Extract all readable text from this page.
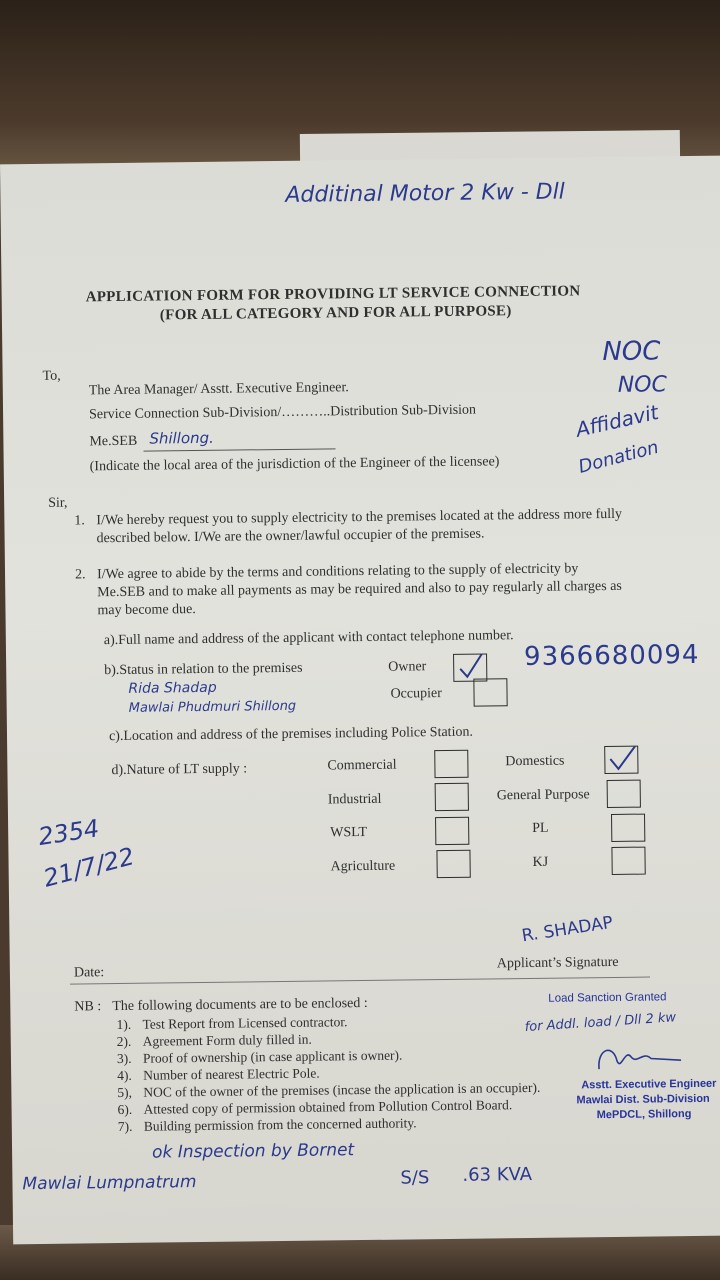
Additinal Motor 2 Kw - Dll
APPLICATION FORM FOR PROVIDING LT SERVICE CONNECTION
(FOR ALL CATEGORY AND FOR ALL PURPOSE)
To,
The Area Manager/ Asstt. Executive Engineer.
Service Connection Sub-Division/………..Distribution Sub-Division
Me.SEB Shillong.
(Indicate the local area of the jurisdiction of the Engineer of the licensee)
NOC
NOC
Affidavit
Donation
Sir,
1. I/We hereby request you to supply electricity to the premises located at the address more fully
described below. I/We are the owner/lawful occupier of the premises.
2. I/We agree to abide by the terms and conditions relating to the supply of electricity by
Me.SEB and to make all payments as may be required and also to pay regularly all charges as
may become due.
a).Full name and address of the applicant with contact telephone number.
9366680094
b).Status in relation to the premises	Owner
Rida Shadap	Occupier
Mawlai Phudmuri Shillong
c).Location and address of the premises including Police Station.
d).Nature of LT supply :	Commercial	Domestics
Industrial	General Purpose
WSLT	PL
Agriculture	KJ
2354
21/7/22
R. SHADAP
Date:
Applicant’s Signature
NB : The following documents are to be enclosed :	Load Sanction Granted
1). Test Report from Licensed contractor.
2). Agreement Form duly filled in.
3). Proof of ownership (in case applicant is owner).
4). Number of nearest Electric Pole.
5), NOC of the owner of the premises (incase the application is an occupier).
6). Attested copy of permission obtained from Pollution Control Board.
7). Building permission from the concerned authority.
for Addl. load / Dll 2 kw
Asstt. Executive Engineer
Mawlai Dist. Sub-Division
MePDCL, Shillong
ok Inspection by Bornet
Mawlai Lumpnatrum	S/S .63 KVA
